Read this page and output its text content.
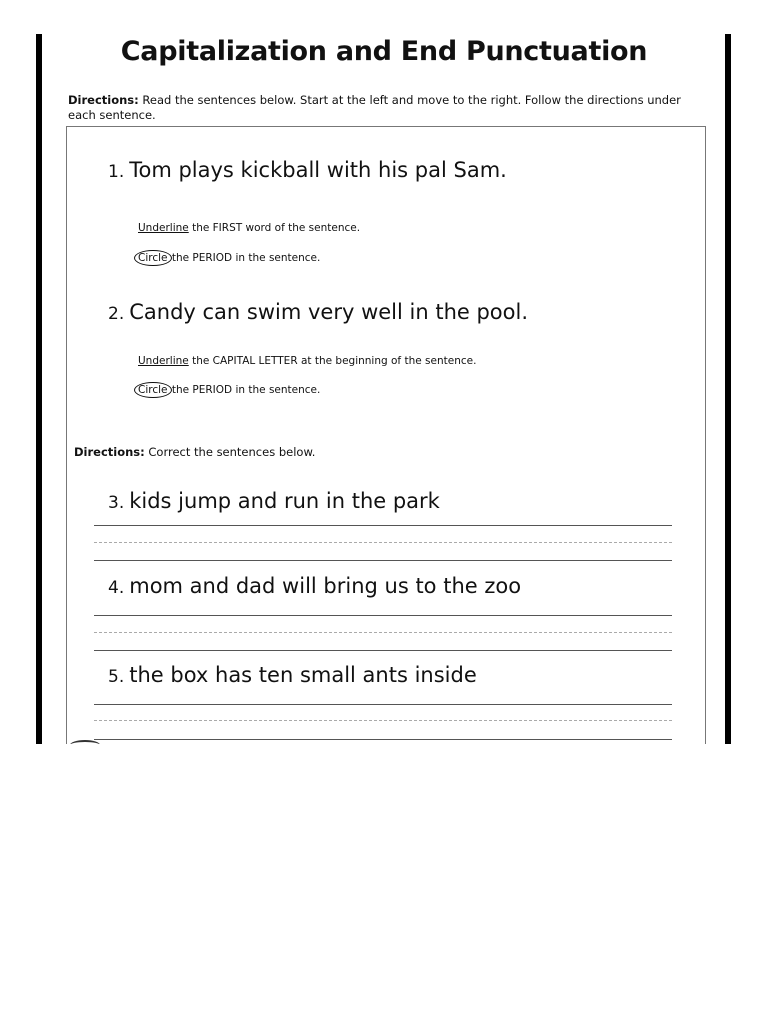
Capitalization and End Punctuation
Directions: Read the sentences below. Start at the left and move to the right. Follow the directions under each sentence.
1. Tom plays kickball with his pal Sam.
Underline the FIRST word of the sentence.
Circle the PERIOD in the sentence.
2. Candy can swim very well in the pool.
Underline the CAPITAL LETTER at the beginning of the sentence.
Circle the PERIOD in the sentence.
Directions: Correct the sentences below.
3. kids jump and run in the park
4. mom and dad will bring us to the zoo
5. the box has ten small ants inside
